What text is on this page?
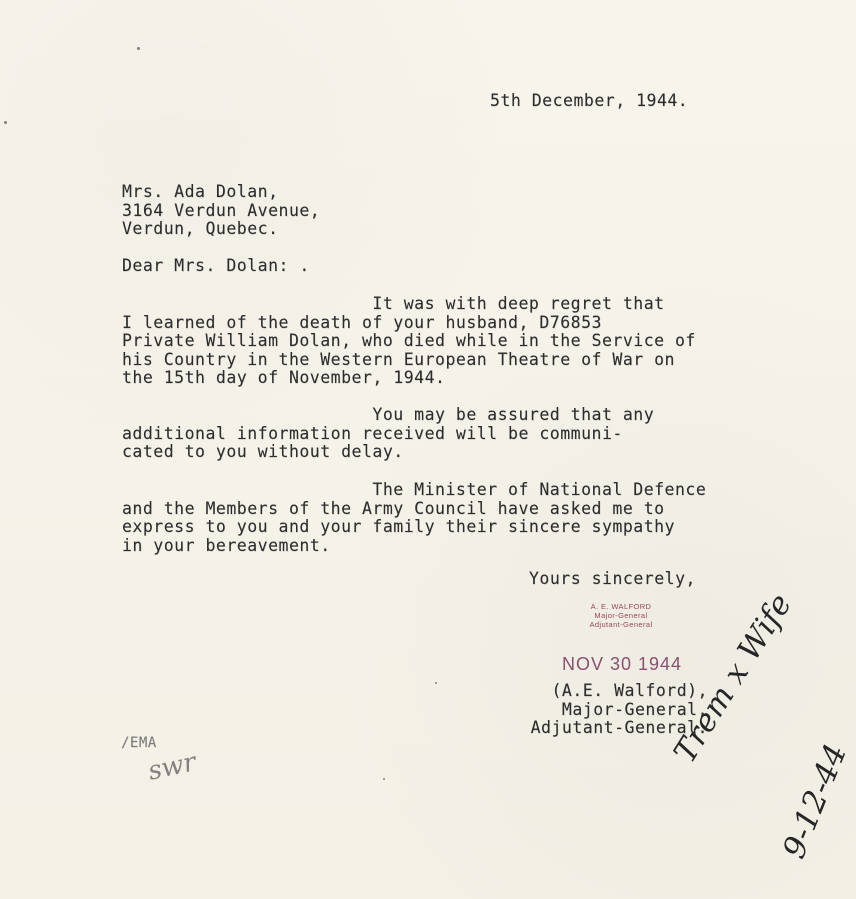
5th December, 1944.
Mrs. Ada Dolan,
3164 Verdun Avenue,
Verdun, Quebec.
Dear Mrs. Dolan: .
It was with deep regret that
I learned of the death of your husband, D76853
Private William Dolan, who died while in the Service of
his Country in the Western European Theatre of War on
the 15th day of November, 1944.
You may be assured that any
additional information received will be communi-
cated to you without delay.
The Minister of National Defence
and the Members of the Army Council have asked me to
express to you and your family their sincere sympathy
in your bereavement.
Yours sincerely,
A. E. WALFORD
Major-General
Adjutant-General
NOV 30 1944
(A.E. Walford),
Major-General,
Adjutant-General.
/EMA
swr	Trem x Wife
9-12-44
